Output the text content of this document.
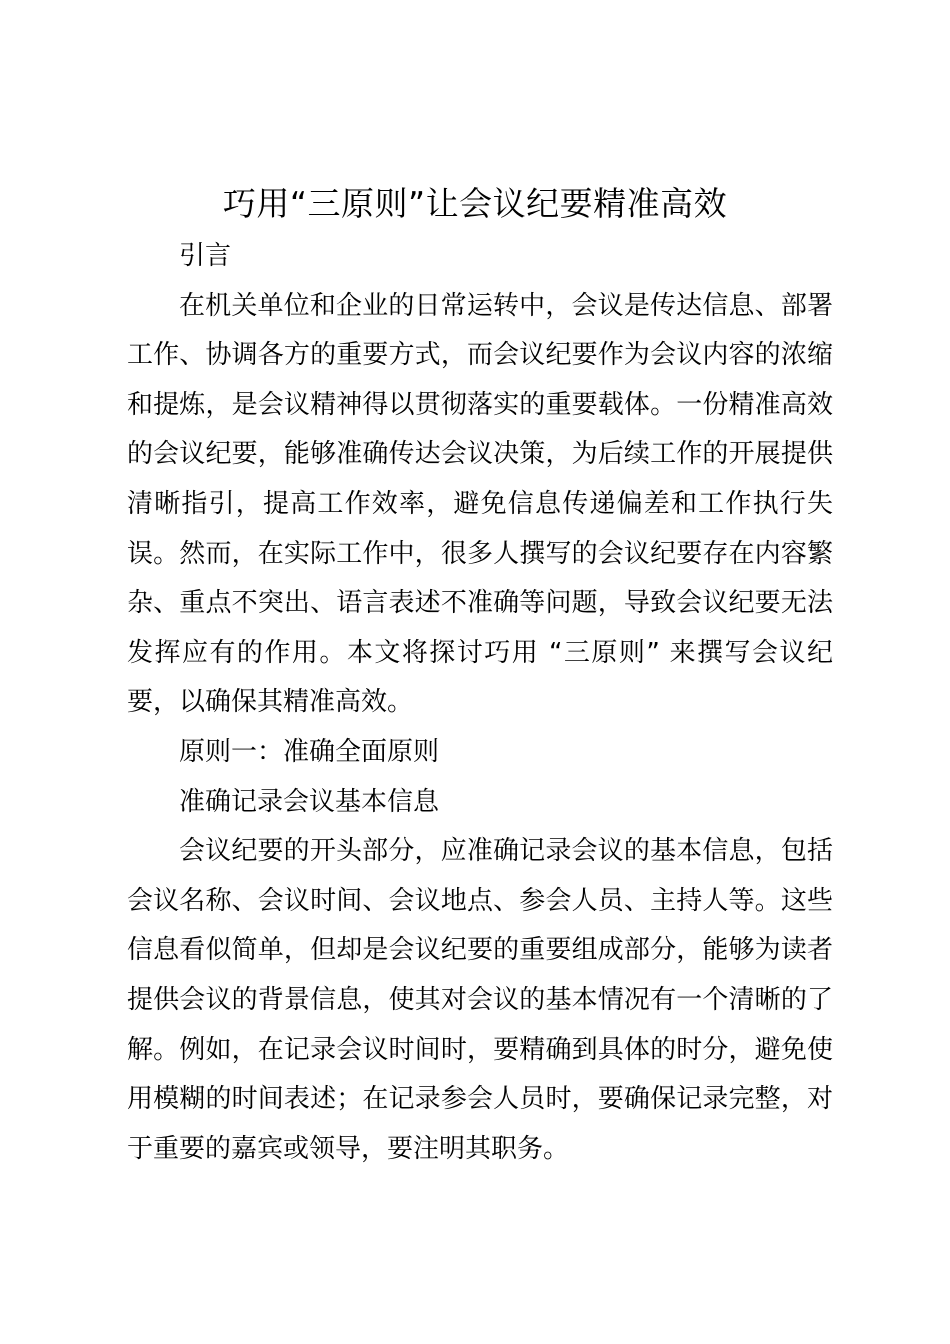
巧用“三原则”让会议纪要精准高效

引言

在机关单位和企业的日常运转中，会议是传达信息、部署工作、协调各方的重要方式，而会议纪要作为会议内容的浓缩和提炼，是会议精神得以贯彻落实的重要载体。一份精准高效的会议纪要，能够准确传达会议决策，为后续工作的开展提供清晰指引，提高工作效率，避免信息传递偏差和工作执行失误。然而，在实际工作中，很多人撰写的会议纪要存在内容繁杂、重点不突出、语言表述不准确等问题，导致会议纪要无法发挥应有的作用。本文将探讨巧用 “三原则” 来撰写会议纪要，以确保其精准高效。

原则一：准确全面原则

准确记录会议基本信息

会议纪要的开头部分，应准确记录会议的基本信息，包括会议名称、会议时间、会议地点、参会人员、主持人等。这些信息看似简单，但却是会议纪要的重要组成部分，能够为读者提供会议的背景信息，使其对会议的基本情况有一个清晰的了解。例如，在记录会议时间时，要精确到具体的时分，避免使用模糊的时间表述；在记录参会人员时，要确保记录完整，对于重要的嘉宾或领导，要注明其职务。
